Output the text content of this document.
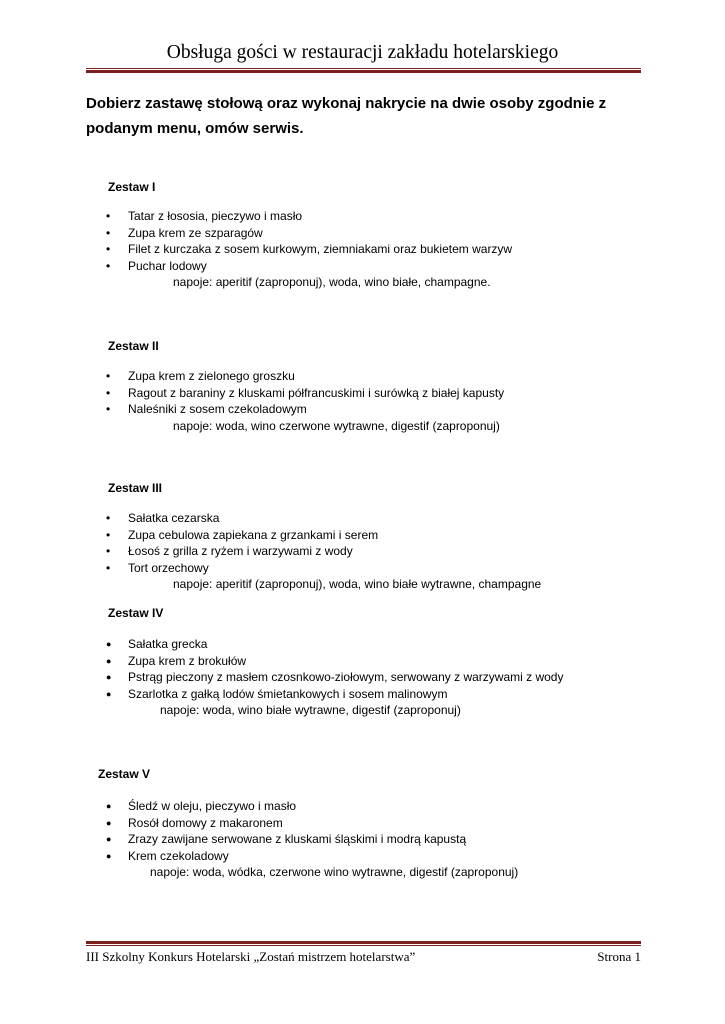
Obsługa gości w restauracji zakładu hotelarskiego
Dobierz zastawę stołową oraz wykonaj nakrycie na dwie osoby zgodnie z podanym menu, omów serwis.

Zestaw I

•	Tatar z łososia, pieczywo i masło
•	Zupa krem ze szparagów
•	Filet z kurczaka z sosem kurkowym, ziemniakami oraz bukietem warzyw
•	Puchar lodowy
napoje: aperitif (zaproponuj), woda, wino białe, champagne.

Zestaw II

•	Zupa krem z zielonego groszku
•	Ragout z baraniny z kluskami półfrancuskimi i surówką z białej kapusty
•	Naleśniki z sosem czekoladowym
napoje: woda, wino czerwone wytrawne, digestif (zaproponuj)

Zestaw III

•	Sałatka cezarska
•	Zupa cebulowa zapiekana z grzankami i serem
•	Łosoś z grilla z ryżem i warzywami z wody
•	Tort orzechowy
napoje: aperitif (zaproponuj), woda, wino białe wytrawne, champagne

Zestaw IV

●	Sałatka grecka
●	Zupa krem z brokułów
●	Pstrąg pieczony z masłem czosnkowo-ziołowym, serwowany z warzywami z wody
●	Szarlotka z gałką lodów śmietankowych i sosem malinowym
napoje: woda, wino białe wytrawne, digestif (zaproponuj)

Zestaw V

●	Śledź w oleju, pieczywo i masło
●	Rosół domowy z makaronem
●	Zrazy zawijane serwowane z kluskami śląskimi i modrą kapustą
●	Krem czekoladowy
napoje: woda, wódka, czerwone wino wytrawne, digestif (zaproponuj)
III Szkolny Konkurs Hotelarski „Zostań mistrzem hotelarstwa”	Strona 1
